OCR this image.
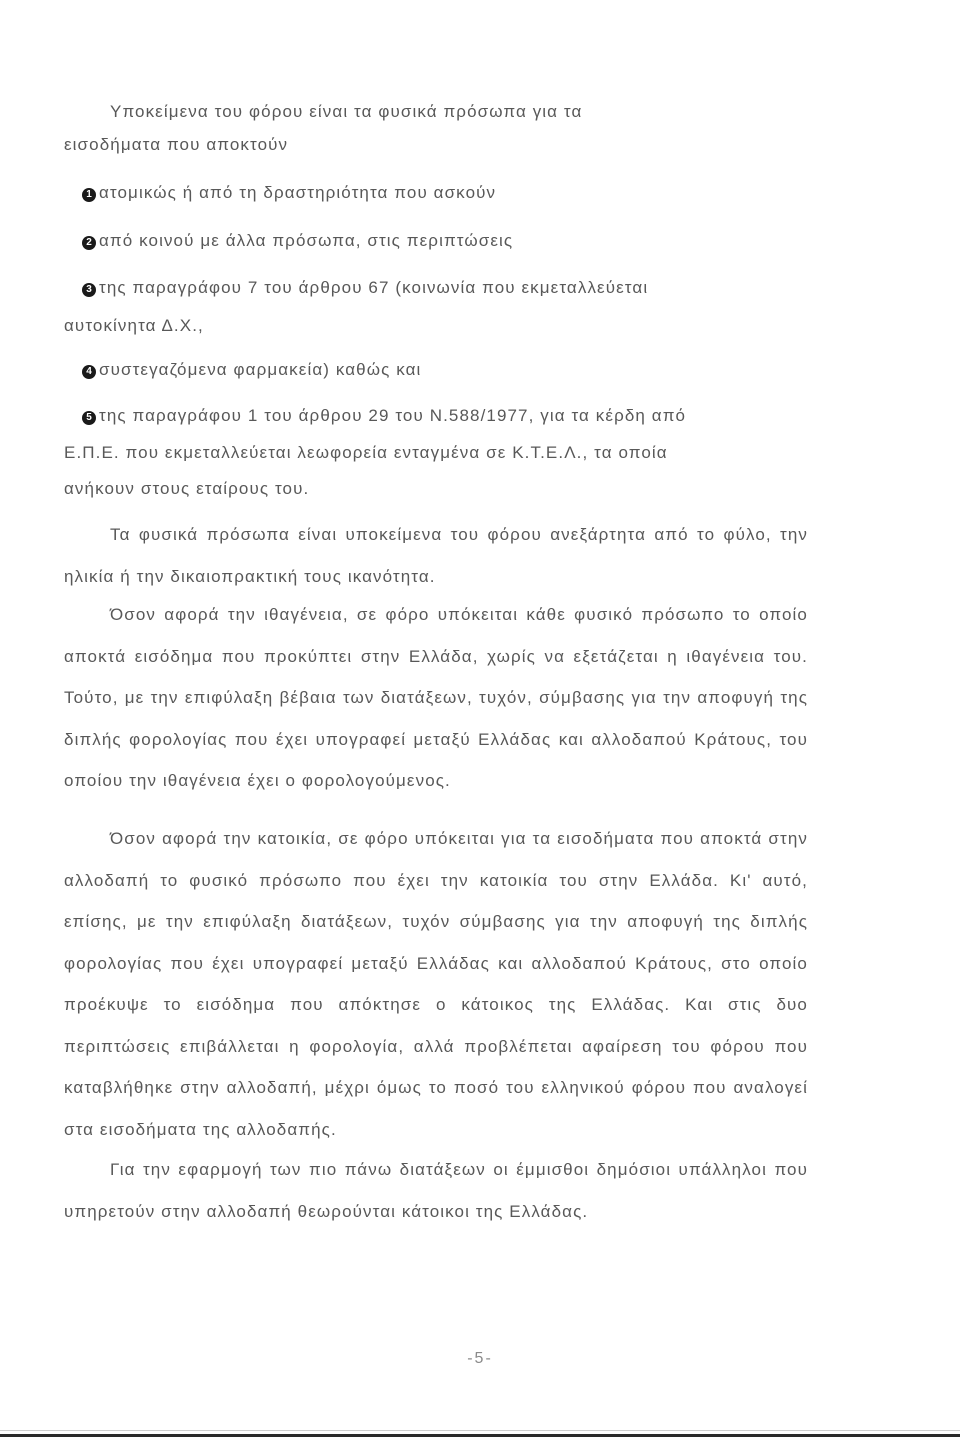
Υποκείμενα του φόρου είναι τα φυσικά πρόσωπα για τα
εισοδήματα που αποκτούν
1 ατομικώς ή από τη δραστηριότητα που ασκούν
2 από κοινού με άλλα πρόσωπα, στις περιπτώσεις
3 της παραγράφου 7 του άρθρου 67 (κοινωνία που εκμεταλλεύεται
αυτοκίνητα Δ.Χ.,
4 συστεγαζόμενα φαρμακεία) καθώς και
5 της παραγράφου 1 του άρθρου 29 του Ν.588/1977, για τα κέρδη από
Ε.Π.Ε. που εκμεταλλεύεται λεωφορεία ενταγμένα σε Κ.Τ.Ε.Λ., τα οποία
ανήκουν στους εταίρους του.
Τα φυσικά πρόσωπα είναι υποκείμενα του φόρου ανεξάρτητα από το φύλο, την ηλικία ή την δικαιοπρακτική τους ικανότητα.
Όσον αφορά την ιθαγένεια, σε φόρο υπόκειται κάθε φυσικό πρόσωπο το οποίο αποκτά εισόδημα που προκύπτει στην Ελλάδα, χωρίς να εξετάζεται η ιθαγένεια του. Τούτο, με την επιφύλαξη βέβαια των διατάξεων, τυχόν, σύμβασης για την αποφυγή της διπλής φορολογίας που έχει υπογραφεί μεταξύ Ελλάδας και αλλοδαπού Κράτους, του οποίου την ιθαγένεια έχει ο φορολογούμενος.
Όσον αφορά την κατοικία, σε φόρο υπόκειται για τα εισοδήματα που αποκτά στην αλλοδαπή το φυσικό πρόσωπο που έχει την κατοικία του στην Ελλάδα. Κι' αυτό, επίσης, με την επιφύλαξη διατάξεων, τυχόν σύμβασης για την αποφυγή της διπλής φορολογίας που έχει υπογραφεί μεταξύ Ελλάδας και αλλοδαπού Κράτους, στο οποίο προέκυψε το εισόδημα που απόκτησε ο κάτοικος της Ελλάδας. Και στις δυο περιπτώσεις επιβάλλεται η φορολογία, αλλά προβλέπεται αφαίρεση του φόρου που καταβλήθηκε στην αλλοδαπή, μέχρι όμως το ποσό του ελληνικού φόρου που αναλογεί στα εισοδήματα της αλλοδαπής.
Για την εφαρμογή των πιο πάνω διατάξεων οι έμμισθοι δημόσιοι υπάλληλοι που υπηρετούν στην αλλοδαπή θεωρούνται κάτοικοι της Ελλάδας.
-5-
